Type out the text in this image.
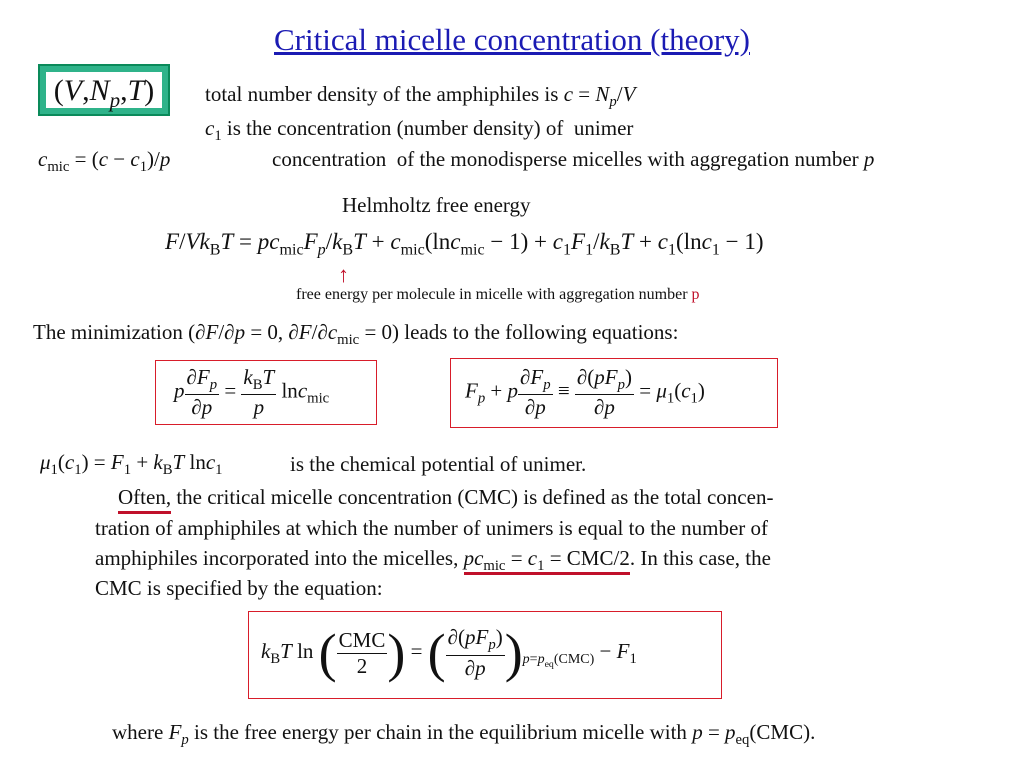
Critical micelle concentration (theory)
$(V,N_p,T)$	total number density of the amphiphiles is $c = N_p/V$
$c_1$ is the concentration (number density) of  unimer
$c_{mic} = (c - c_1)/p$	concentration  of the monodisperse micelles with aggregation number p
Helmholtz free energy
$F/Vk_BT = pc_{mic}F_p/k_BT + c_{mic}(\ln c_{mic} - 1) + c_1F_1/k_BT + c_1(\ln c_1 - 1)$
↑
free energy per molecule in micelle with aggregation number p
The minimization (∂F/∂p = 0, $\partial F/\partial c_{mic} = 0$) leads to the following equations:
p $\frac{\partial F_p}{\partial p} = \frac{k_BT}{p} \ln c_{mic}$	$F_p + p \frac{\partial F_p}{\partial p} \equiv \frac{\partial(pF_p)}{\partial p} = \mu_1(c_1)$
$\mu_1(c_1) = F_1 + k_BT$ lnc$_1$	is the chemical potential of unimer.
Often, the critical micelle concentration (CMC) is defined as the total concen-
tration of amphiphiles at which the number of unimers is equal to the number of
amphiphiles incorporated into the micelles, $pc_{mic} = c_1 = CMC/2$. In this case, the
CMC is specified by the equation:
$k_BT$ ln ( $\frac{\text{CMC}}{2}$ ) = ( $\frac{\partial(pF_p)}{\partial p} )_{p=p_{eq}(CMC)} - F_1$
where $F_p$ is the free energy per chain in the equilibrium micelle with $p = p_{eq}(CMC)$.
